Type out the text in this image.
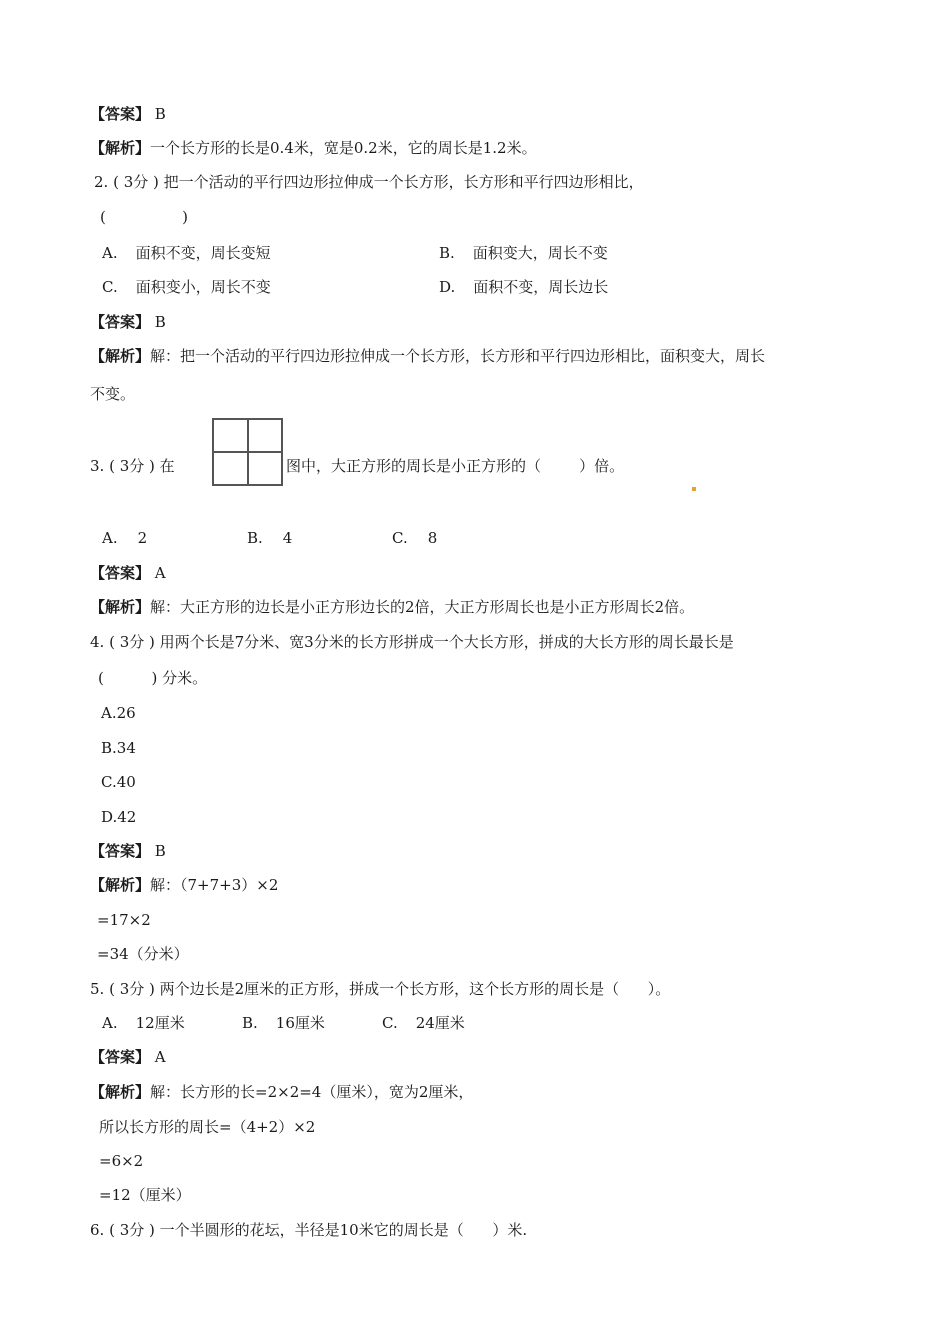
【答案】 B
【解析】一个长方形的长是0.4米，宽是0.2米，它的周长是1.2米。
2. ( 3分 ) 把一个活动的平行四边形拉伸成一个长方形，长方形和平行四边形相比，
(                )
A. 面积不变，周长变短	B. 面积变大，周长不变
C. 面积变小，周长不变	D. 面积不变，周长边长
【答案】 B
【解析】解：把一个活动的平行四边形拉伸成一个长方形，长方形和平行四边形相比，面积变大，周长
不变。
3. ( 3分 ) 在	图中，大正方形的周长是小正方形的（        ）倍。
A. 2	B. 4	C. 8
【答案】 A
【解析】解：大正方形的边长是小正方形边长的2倍，大正方形周长也是小正方形周长2倍。
4. ( 3分 ) 用两个长是7分米、宽3分米的长方形拼成一个大长方形，拼成的大长方形的周长最长是
(          ) 分米。
A.26
B.34
C.40
D.42
【答案】 B
【解析】解：（7+7+3）×2
=17×2
=34（分米）
5. ( 3分 ) 两个边长是2厘米的正方形，拼成一个长方形，这个长方形的周长是（      ）。
A. 12厘米	B. 16厘米	C. 24厘米
【答案】 A
【解析】解：长方形的长=2×2=4（厘米），宽为2厘米，
所以长方形的周长=（4+2）×2
=6×2
=12（厘米）
6. ( 3分 ) 一个半圆形的花坛，半径是10米它的周长是（      ）米.
